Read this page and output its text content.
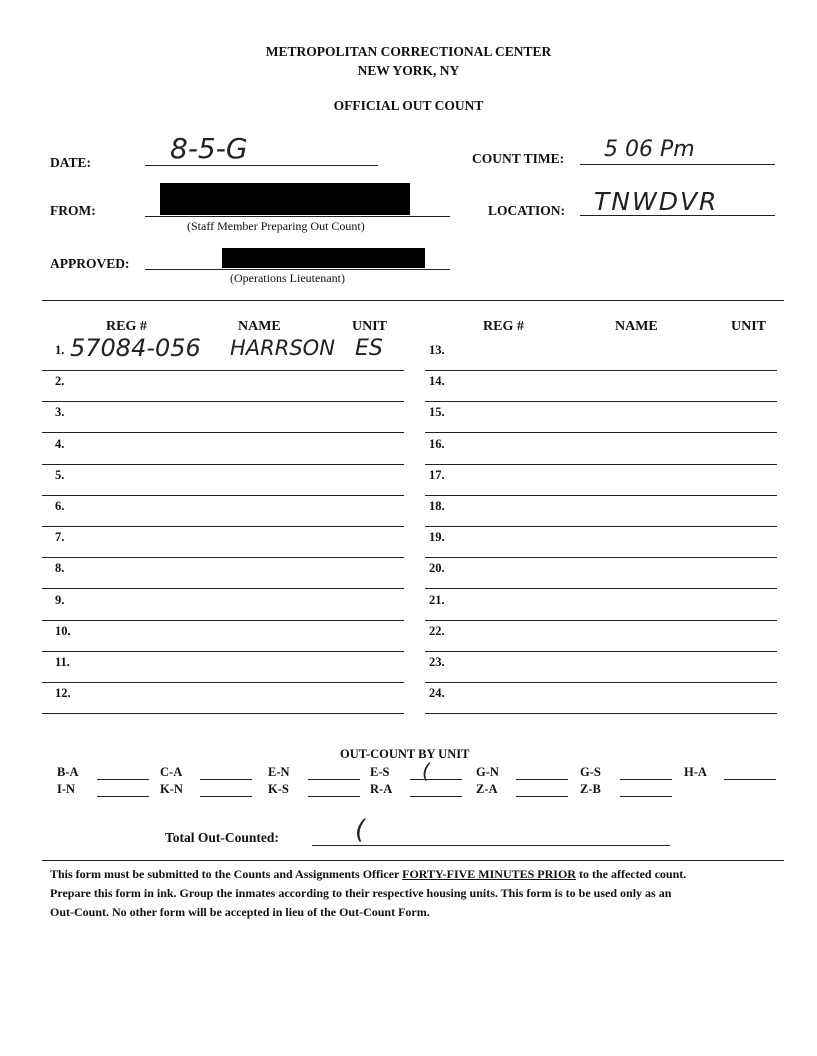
METROPOLITAN CORRECTIONAL CENTER
NEW YORK, NY
OFFICIAL OUT COUNT
DATE:	8-5-G	COUNT TIME: 5 06 Pm
FROM:
(Staff Member Preparing Out Count)
LOCATION: TNWDVR
APPROVED:
(Operations Lieutenant)
REG #	NAME	UNIT	REG #	NAME	UNIT
1. 57084-056 HARRSON ES
2.
3.
4.
5.
6.
7.
8.
9.
10.
11.
12.
13.
14.
15.
16.
17.
18.
19.
20.
21.
22.
23.
24.
OUT-COUNT BY UNIT
B-A	C-A	E-N	E-S (	G-N	G-S	H-A
I-N	K-N	K-S	R-A	Z-A	Z-B
Total Out-Counted:	(
This form must be submitted to the Counts and Assignments Officer FORTY-FIVE MINUTES PRIOR to the affected count.
Prepare this form in ink. Group the inmates according to their respective housing units. This form is to be used only as an
Out-Count. No other form will be accepted in lieu of the Out-Count Form.
